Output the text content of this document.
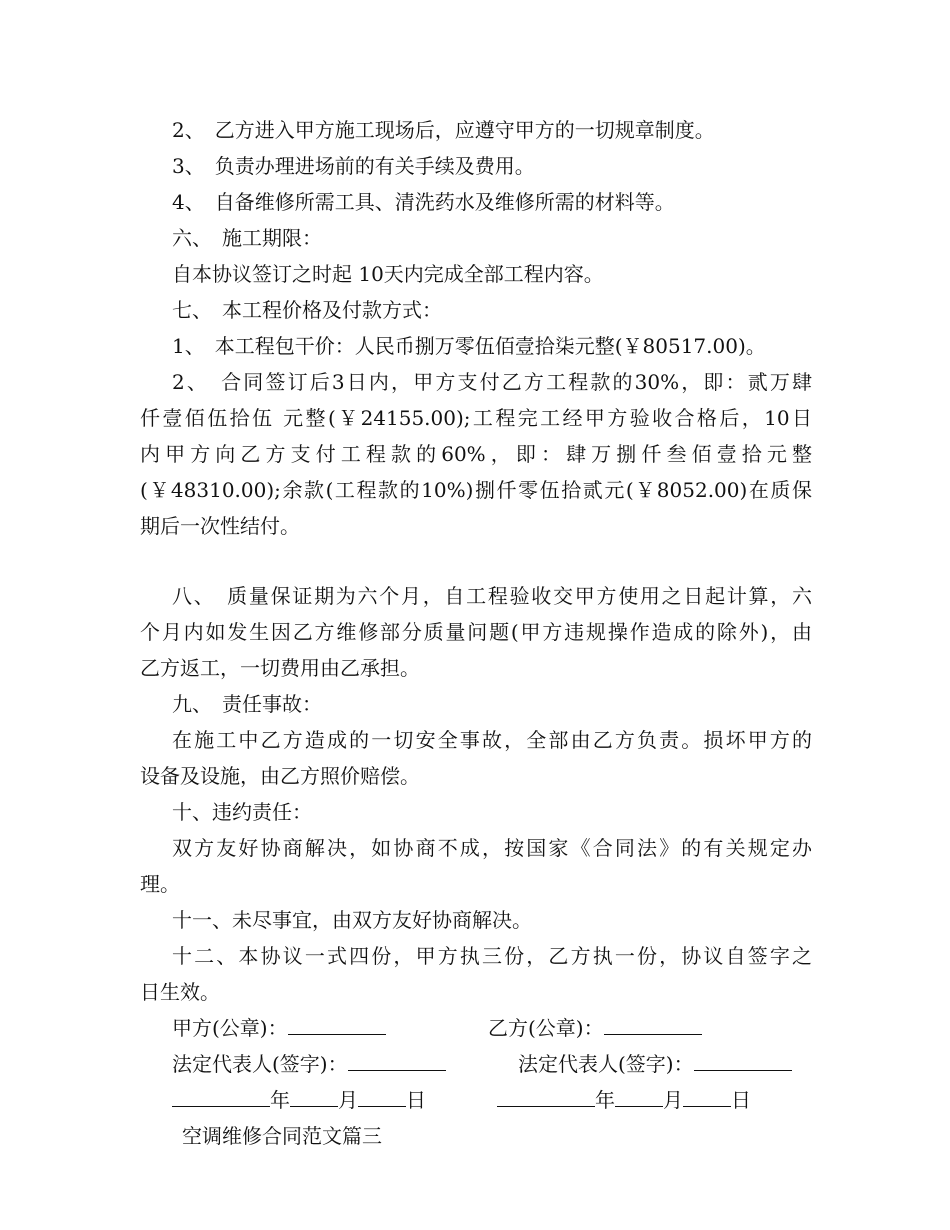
2、　乙方进入甲方施工现场后，应遵守甲方的一切规章制度。

3、　负责办理进场前的有关手续及费用。

4、　自备维修所需工具、清洗药水及维修所需的材料等。

六、　施工期限：

自本协议签订之时起 10天内完成全部工程内容。

七、　本工程价格及付款方式：

1、　本工程包干价：人民币捌万零伍佰壹拾柒元整(￥80517.00)。

2、　合同签订后3日内，甲方支付乙方工程款的30%，即：贰万肆

仟壹佰伍拾伍 元整(￥24155.00);工程完工经甲方验收合格后，10日

内甲方向乙方支付工程款的60%，即：肆万捌仟叁佰壹拾元整

(￥48310.00);余款(工程款的10%)捌仟零伍拾贰元(￥8052.00)在质保

期后一次性结付。

八、　质量保证期为六个月，自工程验收交甲方使用之日起计算，六

个月内如发生因乙方维修部分质量问题(甲方违规操作造成的除外)，由

乙方返工，一切费用由乙承担。

九、　责任事故：

在施工中乙方造成的一切安全事故，全部由乙方负责。损坏甲方的

设备及设施，由乙方照价赔偿。

十、违约责任：

双方友好协商解决，如协商不成，按国家《合同法》的有关规定办

理。

十一、未尽事宜，由双方友好协商解决。

十二、本协议一式四份，甲方执三份，乙方执一份，协议自签字之

日生效。

甲方(公章)：	乙方(公章)：
法定代表人(签字)：	法定代表人(签字)：
年 月 日	年 月 日

空调维修合同范文篇三
